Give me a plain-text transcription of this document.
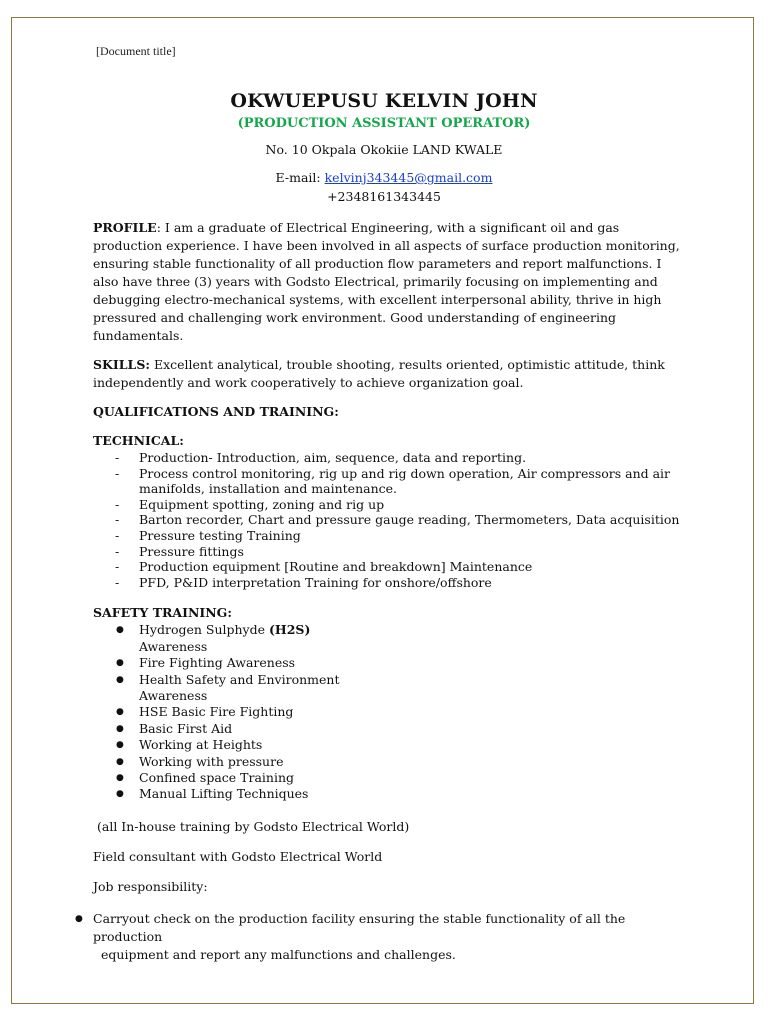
[Document title]
OKWUEPUSU KELVIN JOHN
(PRODUCTION ASSISTANT OPERATOR)
No. 10 Okpala Okokiie LAND KWALE
E-mail: kelvinj343445@gmail.com
+2348161343445

PROFILE: I am a graduate of Electrical Engineering, with a significant oil and gas production experience. I have been involved in all aspects of surface production monitoring, ensuring stable functionality of all production flow parameters and report malfunctions. I also have three (3) years with Godsto Electrical, primarily focusing on implementing and debugging electro-mechanical systems, with excellent interpersonal ability, thrive in high pressured and challenging work environment. Good understanding of engineering fundamentals.

SKILLS: Excellent analytical, trouble shooting, results oriented, optimistic attitude, think independently and work cooperatively to achieve organization goal.

QUALIFICATIONS AND TRAINING:

TECHNICAL:

- Production- Introduction, aim, sequence, data and reporting.
- Process control monitoring, rig up and rig down operation, Air compressors and air manifolds, installation and maintenance.
- Equipment spotting, zoning and rig up
- Barton recorder, Chart and pressure gauge reading, Thermometers, Data acquisition
- Pressure testing Training
- Pressure fittings
- Production equipment [Routine and breakdown] Maintenance
- PFD, P&ID interpretation Training for onshore/offshore

SAFETY TRAINING:

● Hydrogen Sulphyde (H2S) Awareness
● Fire Fighting Awareness
● Health Safety and Environment Awareness
● HSE Basic Fire Fighting
● Basic First Aid
● Working at Heights
● Working with pressure
● Confined space Training
● Manual Lifting Techniques

(all In-house training by Godsto Electrical World)

Field consultant with Godsto Electrical World

Job responsibility:

● Carryout check on the production facility ensuring the stable functionality of all the production
equipment and report any malfunctions and challenges.
